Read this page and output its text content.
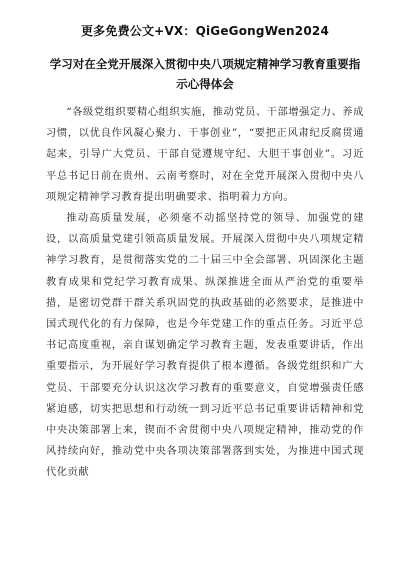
更多免费公文+VX：QiGeGongWen2024
学习对在全党开展深入贯彻中央八项规定精神学习教育重要指示心得体会

“各级党组织要精心组织实施，推动党员、干部增强定力、养成习惯，以优良作风凝心聚力、干事创业”，“要把正风肃纪反腐贯通起来，引导广大党员、干部自觉遵规守纪、大胆干事创业”。习近平总书记日前在贵州、云南考察时，对在全党开展深入贯彻中央八项规定精神学习教育提出明确要求、指明着力方向。

推动高质量发展，必须毫不动摇坚持党的领导、加强党的建设，以高质量党建引领高质量发展。开展深入贯彻中央八项规定精神学习教育，是贯彻落实党的二十届三中全会部署、巩固深化主题教育成果和党纪学习教育成果、纵深推进全面从严治党的重要举措，是密切党群干群关系巩固党的执政基础的必然要求，是推进中国式现代化的有力保障，也是今年党建工作的重点任务。习近平总书记高度重视，亲自谋划确定学习教育主题，发表重要讲话，作出重要指示，为开展好学习教育提供了根本遵循。各级党组织和广大党员、干部要充分认识这次学习教育的重要意义，自觉增强责任感紧迫感，切实把思想和行动统一到习近平总书记重要讲话精神和党中央决策部署上来，锲而不舍贯彻中央八项规定精神，推动党的作风持续向好，推动党中央各项决策部署落到实处，为推进中国式现代化贡献
